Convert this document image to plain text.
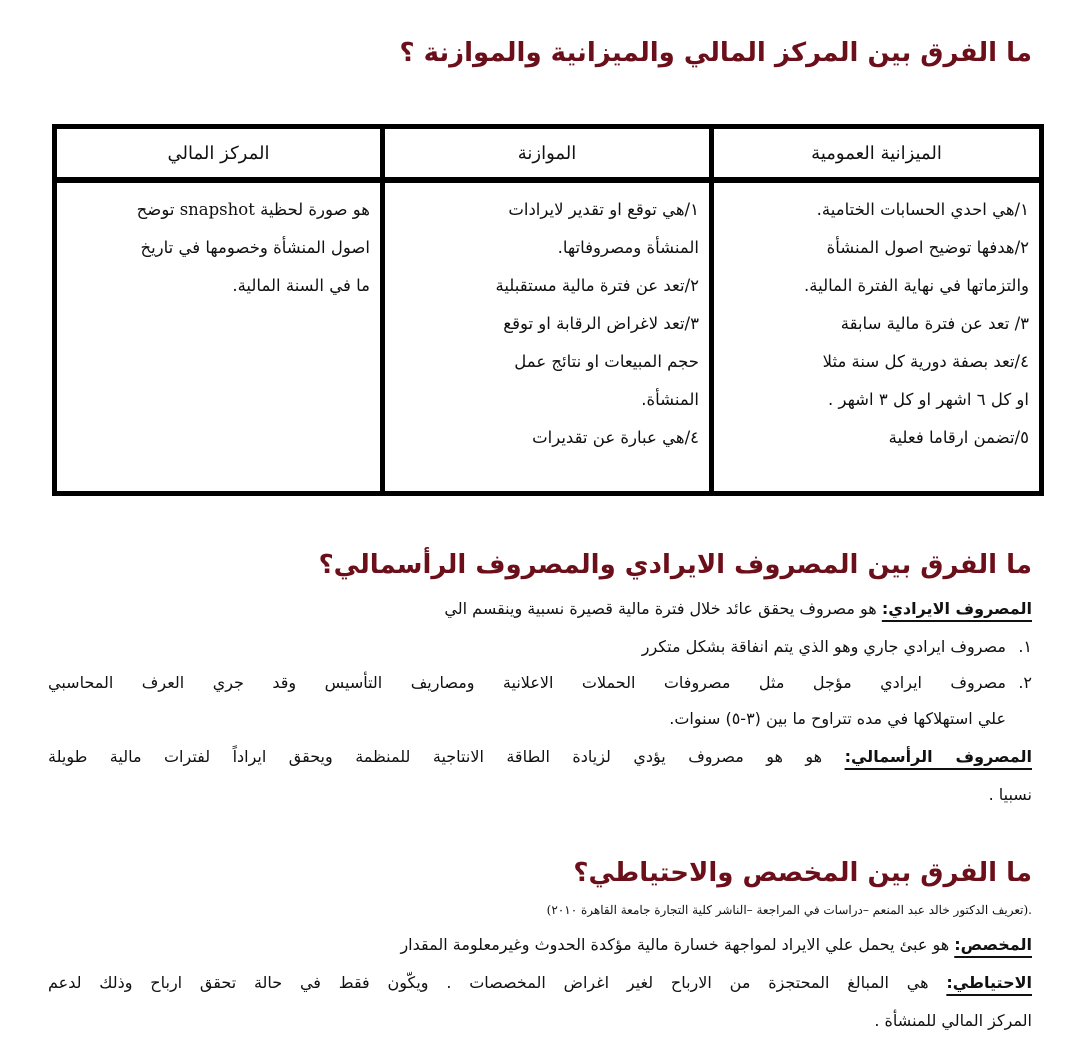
ما الفرق بين المركز المالي والميزانية والموازنة ؟
الميزانية العمومية
١/هي احدي الحسابات الختامية.
٢/هدفها توضيح اصول المنشأة
والتزماتها في نهاية الفترة المالية.
٣/ تعد عن فترة مالية سابقة
٤/تعد بصفة دورية كل سنة مثلا
او كل ٦ اشهر او كل ٣ اشهر .
٥/تضمن ارقاما فعلية
الموازنة
١/هي توقع او تقدير لايرادات
المنشأة ومصروفاتها.
٢/تعد عن فترة مالية مستقبلية
٣/تعد لاغراض الرقابة او توقع
حجم المبيعات او نتائج عمل
المنشأة.
٤/هي عبارة عن تقديرات
المركز المالي
هو صورة لحظية snapshot توضح
اصول المنشأة وخصومها في تاريخ
ما في السنة المالية.
ما الفرق بين المصروف الايرادي والمصروف الرأسمالي؟
المصروف الايرادي: هو مصروف يحقق عائد خلال فترة مالية قصيرة نسبية وينقسم الي
١.
مصروف ايرادي جاري وهو الذي يتم انفاقة بشكل متكرر
٢.
مصروف ايرادي مؤجل مثل مصروفات الحملات الاعلانية ومصاريف التأسيس وقد جري العرف المحاسبي
علي استهلاكها في مده تتراوح ما بين (٣-٥) سنوات.
المصروف الرأسمالي: هو هو مصروف يؤدي لزيادة الطاقة الانتاجية للمنظمة ويحقق ايراداً لفترات مالية طويلة
نسبيا .
ما الفرق بين المخصص والاحتياطي؟
.(تعريف الدكتور خالد عبد المنعم –دراسات في المراجعة –الناشر كلية التجارة جامعة القاهرة ٢٠١٠)
المخصص: هو عبئ يحمل علي الايراد لمواجهة خسارة مالية مؤكدة الحدوث وغيرمعلومة المقدار
الاحتياطي: هي المبالغ المحتجزة من الارباح لغير اغراض المخصصات . ويكّون فقط في حالة تحقق ارباح وذلك لدعم
المركز المالي للمنشأة .
